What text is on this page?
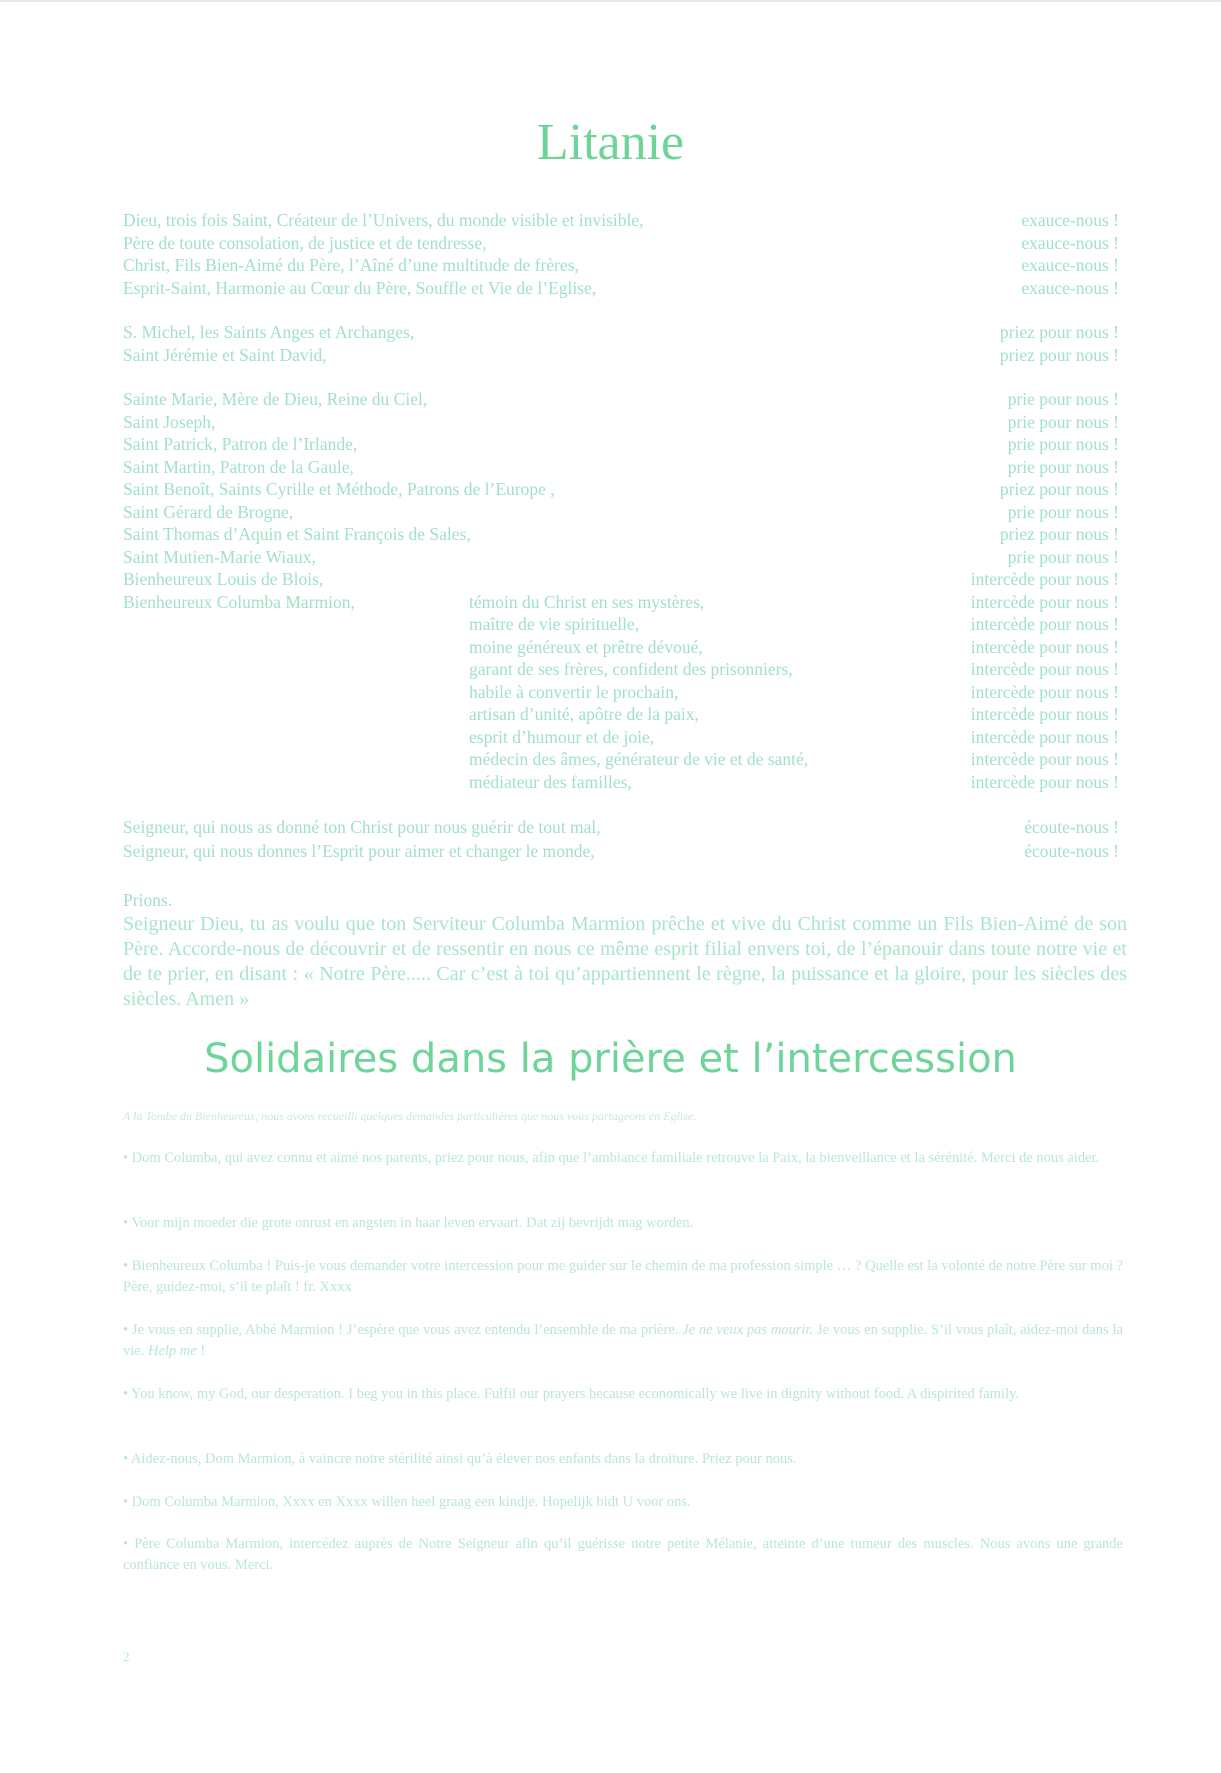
Litanie
Dieu, trois fois Saint, Créateur de l’Univers, du monde visible et invisible,	exauce-nous !
Père de toute consolation, de justice et de tendresse,	exauce-nous !
Christ, Fils Bien-Aimé du Père, l’Aîné d’une multitude de frères,	exauce-nous !
Esprit-Saint, Harmonie au Cœur du Père, Souffle et Vie de l’Eglise,	exauce-nous !
S. Michel, les Saints Anges et Archanges,	priez pour nous !
Saint Jérémie et Saint David,	priez pour nous !
Sainte Marie, Mère de Dieu, Reine du Ciel,	prie pour nous !
Saint Joseph,	prie pour nous !
Saint Patrick, Patron de l’Irlande,	prie pour nous !
Saint Martin, Patron de la Gaule,	prie pour nous !
Saint Benoît, Saints Cyrille et Méthode, Patrons de l’Europe ,	priez pour nous !
Saint Gérard de Brogne,	prie pour nous !
Saint Thomas d’Aquin et Saint François de Sales,	priez pour nous !
Saint Mutien-Marie Wiaux,	prie pour nous !
Bienheureux Louis de Blois,	intercède pour nous !
Bienheureux Columba Marmion,	témoin du Christ en ses mystères,	intercède pour nous !
maître de vie spirituelle,	intercède pour nous !
moine généreux et prêtre dévoué,	intercède pour nous !
garant de ses frères, confident des prisonniers,	intercède pour nous !
habile à convertir le prochain,	intercède pour nous !
artisan d’unité, apôtre de la paix,	intercède pour nous !
esprit d’humour et de joie,	intercède pour nous !
médecin des âmes, générateur de vie et de santé,	intercède pour nous !
médiateur des familles,	intercède pour nous !
Seigneur, qui nous as donné ton Christ pour nous guérir de tout mal,	écoute-nous !
Seigneur, qui nous donnes l’Esprit pour aimer et changer le monde,	écoute-nous !
Prions.

Seigneur Dieu, tu as voulu que ton Serviteur Columba Marmion prêche et vive du Christ comme un Fils Bien-Aimé de son Père. Accorde-nous de découvrir et de ressentir en nous ce même esprit filial envers toi, de l’épanouir dans toute notre vie et de te prier, en disant : « Notre Père..... Car c’est à toi qu’appartiennent le règne, la puissance et la gloire, pour les siècles des siècles. Amen »

Solidaires dans la prière et l’intercession
A la Tombe du Bienheureux, nous avons recueilli quelques demandes particulières que nous vous partageons en Eglise.

• Dom Columba, qui avez connu et aimé nos parents, priez pour nous, afin que l’ambiance familiale retrouve la Paix, la bienveillance et la sérénité. Merci de nous aider.

• Voor mijn moeder die grote onrust en angsten in haar leven ervaart. Dat zij bevrijdt mag worden.

• Bienheureux Columba ! Puis-je vous demander votre intercession pour me guider sur le chemin de ma profession simple … ? Quelle est la volonté de notre Père sur moi ? Père, guidez-moi, s’il te plaît ! fr. Xxxx

• Je vous en supplie, Abbé Marmion ! J’espère que vous avez entendu l’ensemble de ma prière. Je ne veux pas mourir. Je vous en supplie. S’il vous plaît, aidez-moi dans la vie. Help me !

• You know, my God, our desperation. I beg you in this place. Fulfil our prayers because economically we live in dignity without food. A dispirited family.

• Aidez-nous, Dom Marmion, à vaincre notre stérilité ainsi qu’à élever nos enfants dans la droiture. Priez pour nous.

• Dom Columba Marmion, Xxxx en Xxxx willen heel graag een kindje. Hopelijk bidt U voor ons.

• Père Columba Marmion, intercédez auprès de Notre Seigneur afin qu’il guérisse notre petite Mélanie, atteinte d’une tumeur des muscles. Nous avons une grande confiance en vous. Merci.

2
